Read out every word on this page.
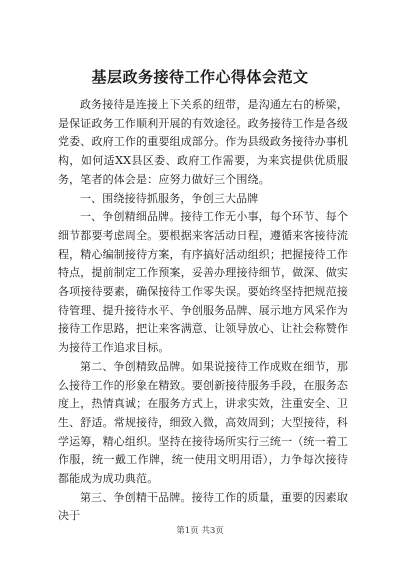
基层政务接待工作心得体会范文

政务接待是连接上下关系的纽带，是沟通左右的桥梁，是保证政务工作顺利开展的有效途径。政务接待工作是各级党委、政府工作的重要组成部分。作为县级政务接待办事机构，如何适XX县区委、政府工作需要，为来宾提供优质服务，笔者的体会是：应努力做好三个围绕。

一、围绕接待抓服务，争创三大品牌

一、争创精细品牌。接待工作无小事，每个环节、每个细节都要考虑周全。要根据来客活动日程，遵循来客接待流程，精心编制接待方案，有序搞好活动组织；把握接待工作特点，提前制定工作预案，妥善办理接待细节，做深、做实各项接待要素，确保接待工作零失误。要始终坚持把规范接待管理、提升接待水平、争创服务品牌、展示地方风采作为接待工作思路，把让来客满意、让领导放心、让社会称赞作为接待工作追求目标。

第二、争创精致品牌。如果说接待工作成败在细节，那么接待工作的形象在精致。要创新接待服务手段，在服务态度上，热情真诚；在服务方式上，讲求实效，注重安全、卫生、舒适。常规接待，细致入微，高效周到；大型接待，科学运筹，精心组织。坚持在接待场所实行三统一（统一着工作服，统一戴工作牌，统一使用文明用语），力争每次接待都能成为成功典范。

第三、争创精干品牌。接待工作的质量，重要的因素取决于

第1页 共3页
